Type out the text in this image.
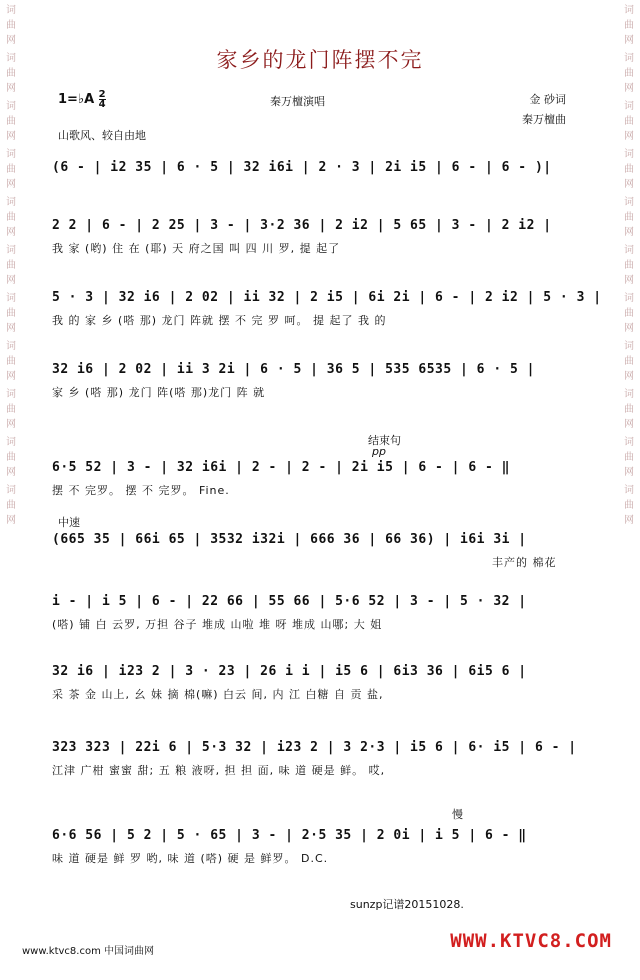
词
曲
网
词
曲
网
词
曲
网
词
曲
网
词
曲
网
词
曲
网
词
曲
网
词
曲
网
词
曲
网
词
曲
网
词
曲
网
词
曲
网
词
曲
网
词
曲
网
词
曲
网
词
曲
网
词
曲
网
词
曲
网
词
曲
网
词
曲
网
词
曲
网
词
曲
网
家乡的龙门阵摆不完
1=♭A $\frac{2}{4}$	秦万檀演唱	金 砂词
秦万檀曲
山歌风、较自由地
(6 - | i2 35 | 6 · 5 | 32 i6i | 2 · 3 | 2i i5 | 6 - | 6 - )|
2 2 | 6 - | 2 25 | 3 - | 3·2 36 | 2 i2 | 5 65 | 3 - | 2 i2 |
我 家 (哟) 住 在 (耶) 天 府之国 叫 四 川 罗, 提 起了
5 · 3 | 32 i6 | 2 02 | ii 32 | 2 i5 | 6i 2i | 6 - | 2 i2 | 5 · 3 |
我 的 家 乡 (嗒 那) 龙门 阵就 摆 不 完 罗 呵。 提 起了 我 的
32 i6 | 2 02 | ii 3 2i | 6 · 5 | 36 5 | 535 6535 | 6 · 5 |
家 乡 (嗒 那) 龙门 阵(嗒 那)龙门 阵 就
结束句
pp
6·5 52 | 3 - | 32 i6i | 2 - | 2 - | 2i i5 | 6 - | 6 - ‖
摆 不 完罗。 摆 不 完罗。 Fine.
中速
(665 35 | 66i 65 | 3532 i32i | 666 36 | 66 36) | i6i 3i |
丰产的 棉花
i - | i 5 | 6 - | 22 66 | 55 66 | 5·6 52 | 3 - | 5 · 32 |
(嗒) 铺 白 云罗, 万担 谷子 堆成 山啦 堆 呀 堆成 山哪; 大 姐
32 i6 | i23 2 | 3 · 23 | 26 i i | i5 6 | 6i3 36 | 6i5 6 |
采 茶 金 山上, 幺 妹 摘 棉(嘛) 白云 间, 内 江 白糖 自 贡 盐,
323 323 | 22i 6 | 5·3 32 | i23 2 | 3 2·3 | i5 6 | 6· i5 | 6 - |
江津 广柑 蜜蜜 甜; 五 粮 液呀, 担 担 面, 味 道 硬是 鲜。 哎,
慢
6·6 56 | 5 2 | 5 · 65 | 3 - | 2·5 35 | 2 0i | i 5 | 6 - ‖
味 道 硬是 鲜 罗 哟, 味 道 (嗒) 硬 是 鲜罗。 D.C.
sunzp记谱20151028.
www.ktvc8.com 中国词曲网	WWW.KTVC8.COM
